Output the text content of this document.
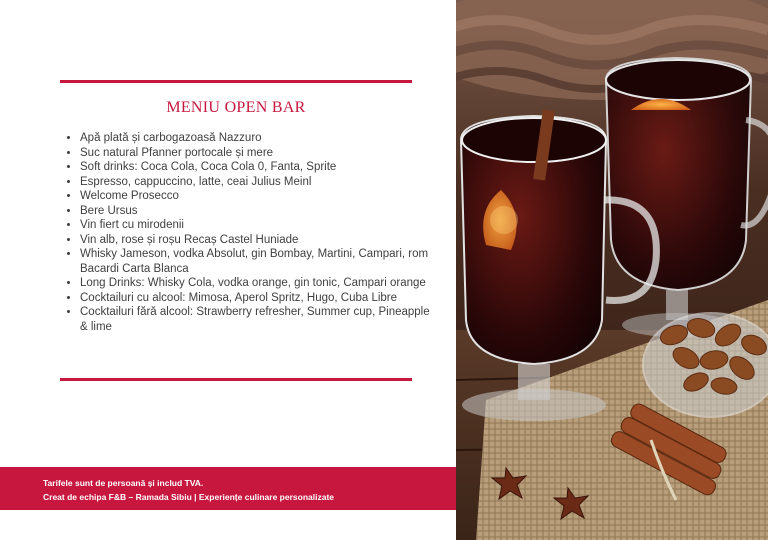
MENIU OPEN BAR
• Apă plată și carbogazoasă Nazzuro
• Suc natural Pfanner portocale și mere
• Soft drinks: Coca Cola, Coca Cola 0, Fanta, Sprite
• Espresso, cappuccino, latte, ceai Julius Meinl
• Welcome Prosecco
• Bere Ursus
• Vin fiert cu mirodenii
• Vin alb, rose și roșu Recaș Castel Huniade
• Whisky Jameson, vodka Absolut, gin Bombay, Martini, Campari, rom Bacardi Carta Blanca
• Long Drinks: Whisky Cola, vodka orange, gin tonic, Campari orange
• Cocktailuri cu alcool: Mimosa, Aperol Spritz, Hugo, Cuba Libre
• Cocktailuri fără alcool: Strawberry refresher, Summer cup, Pineapple & lime
Tarifele sunt de persoană și includ TVA.
Creat de echipa F&B – Ramada Sibiu | Experiențe culinare personalizate
